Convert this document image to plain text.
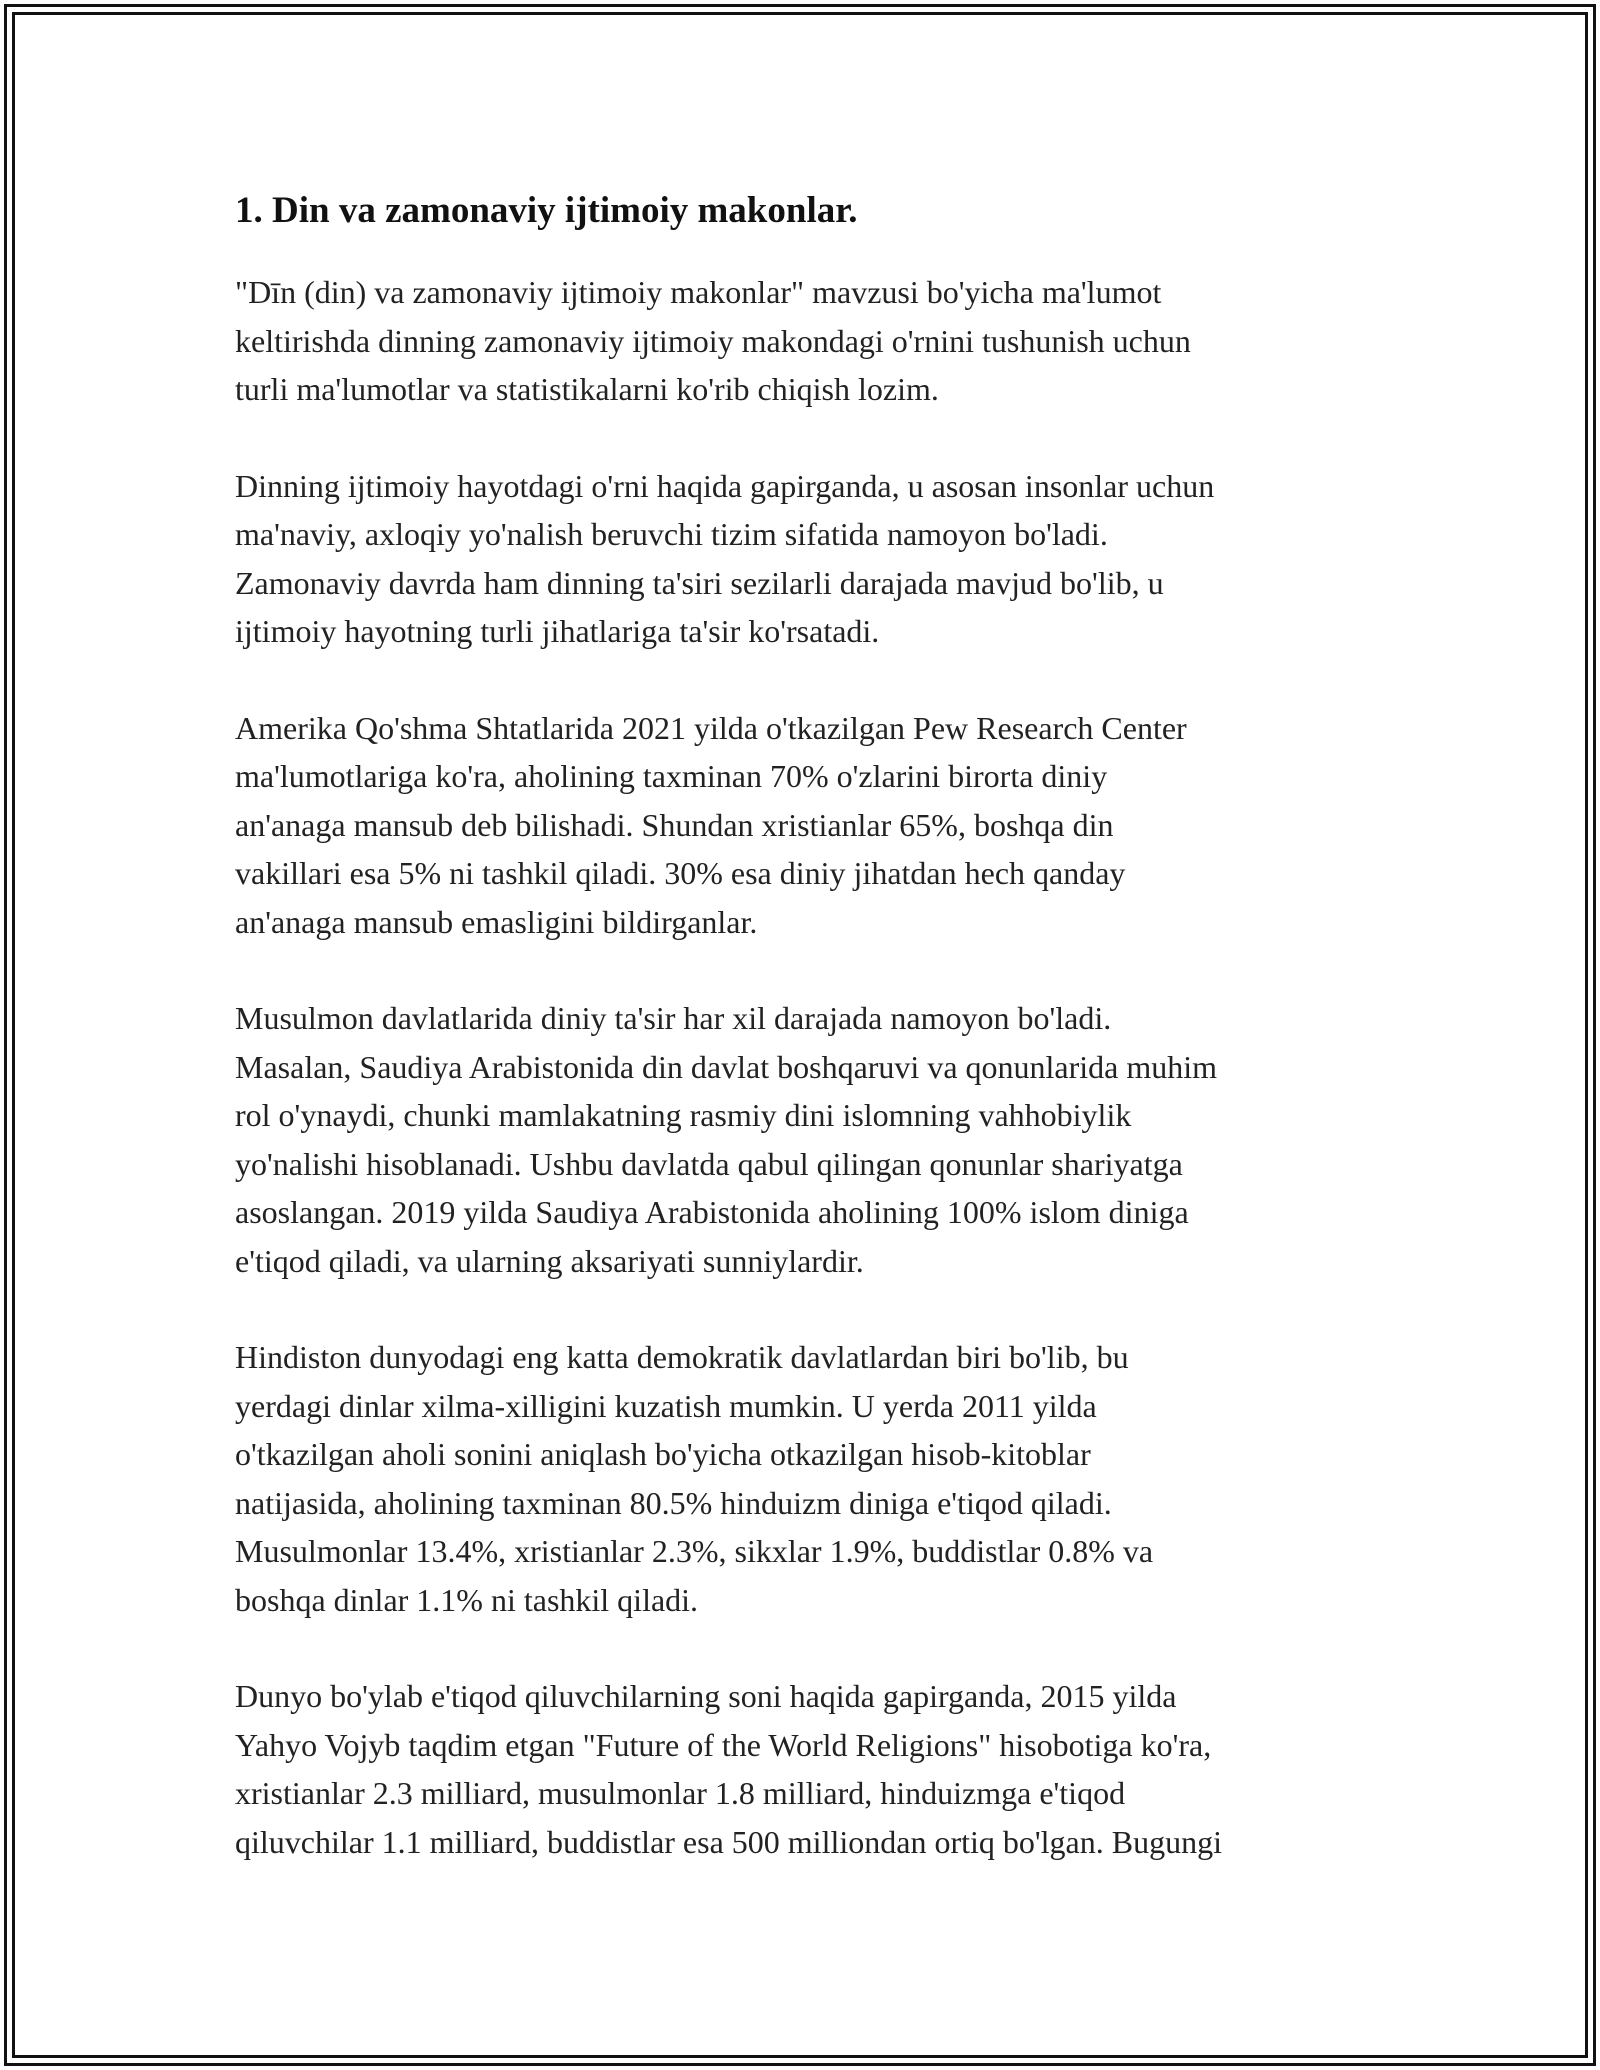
1. Din va zamonaviy ijtimoiy makonlar.

"Dīn (din) va zamonaviy ijtimoiy makonlar" mavzusi bo'yicha ma'lumot
keltirishda dinning zamonaviy ijtimoiy makondagi o'rnini tushunish uchun
turli ma'lumotlar va statistikalarni ko'rib chiqish lozim.

Dinning ijtimoiy hayotdagi o'rni haqida gapirganda, u asosan insonlar uchun
ma'naviy, axloqiy yo'nalish beruvchi tizim sifatida namoyon bo'ladi.
Zamonaviy davrda ham dinning ta'siri sezilarli darajada mavjud bo'lib, u
ijtimoiy hayotning turli jihatlariga ta'sir ko'rsatadi.

Amerika Qo'shma Shtatlarida 2021 yilda o'tkazilgan Pew Research Center
ma'lumotlariga ko'ra, aholining taxminan 70% o'zlarini birorta diniy
an'anaga mansub deb bilishadi. Shundan xristianlar 65%, boshqa din
vakillari esa 5% ni tashkil qiladi. 30% esa diniy jihatdan hech qanday
an'anaga mansub emasligini bildirganlar.

Musulmon davlatlarida diniy ta'sir har xil darajada namoyon bo'ladi.
Masalan, Saudiya Arabistonida din davlat boshqaruvi va qonunlarida muhim
rol o'ynaydi, chunki mamlakatning rasmiy dini islomning vahhobiylik
yo'nalishi hisoblanadi. Ushbu davlatda qabul qilingan qonunlar shariyatga
asoslangan. 2019 yilda Saudiya Arabistonida aholining 100% islom diniga
e'tiqod qiladi, va ularning aksariyati sunniylardir.

Hindiston dunyodagi eng katta demokratik davlatlardan biri bo'lib, bu
yerdagi dinlar xilma-xilligini kuzatish mumkin. U yerda 2011 yilda
o'tkazilgan aholi sonini aniqlash bo'yicha otkazilgan hisob-kitoblar
natijasida, aholining taxminan 80.5% hinduizm diniga e'tiqod qiladi.
Musulmonlar 13.4%, xristianlar 2.3%, sikxlar 1.9%, buddistlar 0.8% va
boshqa dinlar 1.1% ni tashkil qiladi.

Dunyo bo'ylab e'tiqod qiluvchilarning soni haqida gapirganda, 2015 yilda
Yahyo Vojyb taqdim etgan "Future of the World Religions" hisobotiga ko'ra,
xristianlar 2.3 milliard, musulmonlar 1.8 milliard, hinduizmga e'tiqod
qiluvchilar 1.1 milliard, buddistlar esa 500 milliondan ortiq bo'lgan. Bugungi
